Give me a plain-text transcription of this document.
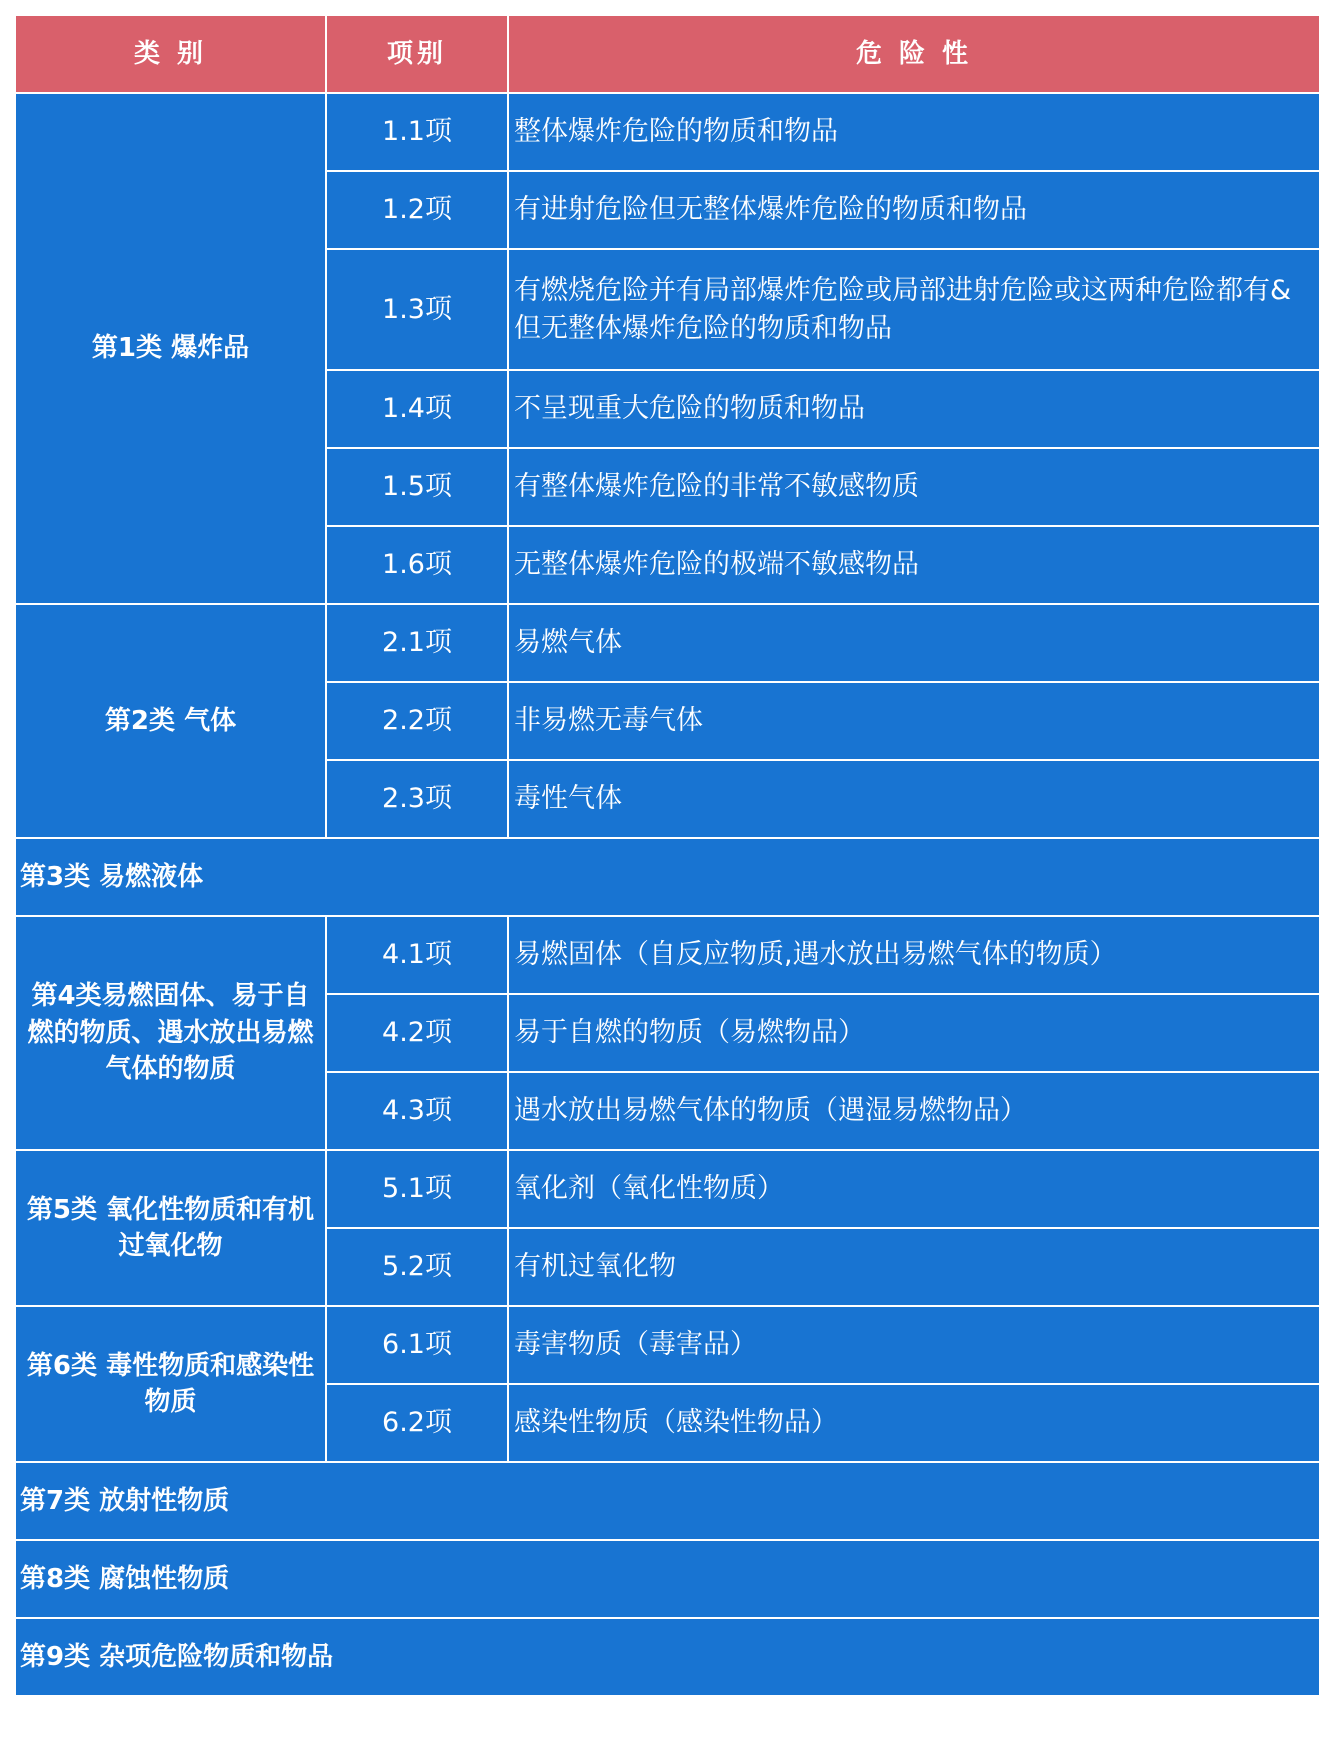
类 别	项别	危 险 性
第1类 爆炸品	1.1项	整体爆炸危险的物质和物品
	1.2项	有进射危险但无整体爆炸危险的物质和物品
	1.3项	有燃烧危险并有局部爆炸危险或局部进射危险或这两种危险都有&但无整体爆炸危险的物质和物品
	1.4项	不呈现重大危险的物质和物品
	1.5项	有整体爆炸危险的非常不敏感物质
	1.6项	无整体爆炸危险的极端不敏感物品
第2类 气体	2.1项	易燃气体
	2.2项	非易燃无毒气体
	2.3项	毒性气体
第3类 易燃液体		
第4类易燃固体、易于自燃的物质、遇水放出易燃气体的物质	4.1项	易燃固体（自反应物质,遇水放出易燃气体的物质）
	4.2项	易于自燃的物质（易燃物品）
	4.3项	遇水放出易燃气体的物质（遇湿易燃物品）
第5类 氧化性物质和有机过氧化物	5.1项	氧化剂（氧化性物质）
	5.2项	有机过氧化物
第6类 毒性物质和感染性物质	6.1项	毒害物质（毒害品）
	6.2项	感染性物质（感染性物品）
第7类 放射性物质		
第8类 腐蚀性物质		
第9类 杂项危险物质和物品		
